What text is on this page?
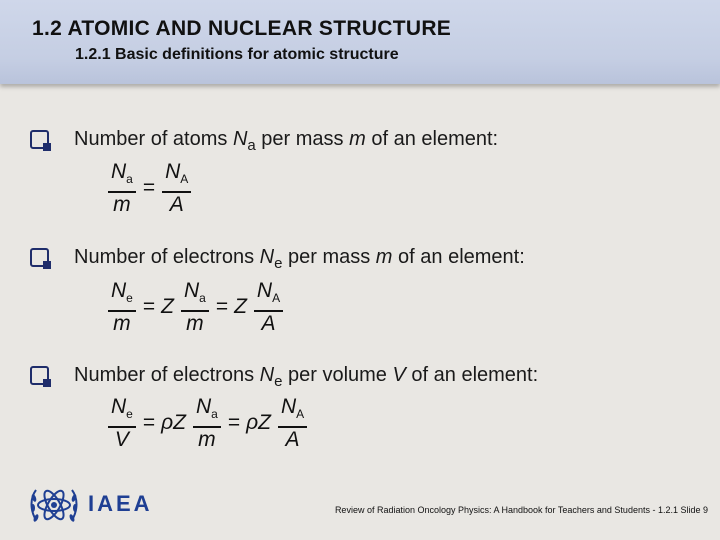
1.2 ATOMIC AND NUCLEAR STRUCTURE
1.2.1 Basic definitions for atomic structure
Number of atoms $N_a$ per mass m of an element:
$\frac{N_a}{m} = \frac{N_A}{A}$
Number of electrons $N_e$ per mass m of an element:
$\frac{N_e}{m} = Z \frac{N_a}{m} = Z \frac{N_A}{A}$
Number of electrons $N_e$ per volume V of an element:
$\frac{N_e}{V} = \rho Z \frac{N_a}{m} = \rho Z \frac{N_A}{A}$
IAEA	Review of Radiation Oncology Physics: A Handbook for Teachers and Students - 1.2.1 Slide 9
